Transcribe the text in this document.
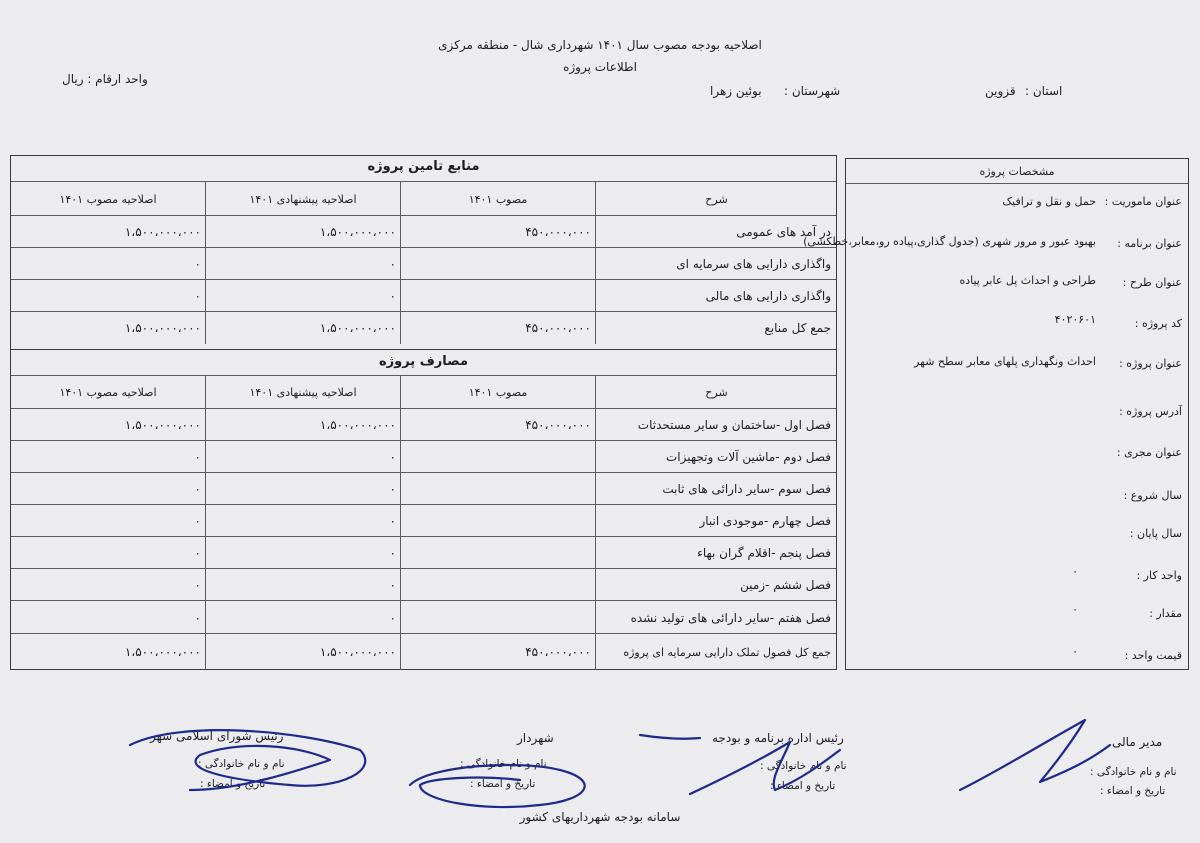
اصلاحیه بودجه مصوب سال ۱۴۰۱ شهرداری شال - منطقه مرکزی
اطلاعات پروژه
واحد ارقام : ریال
استان :
قزوین
شهرستان :
بوئین زهرا
منابع تامین پروژه
شرح
مصوب ۱۴۰۱
اصلاحیه پیشنهادی ۱۴۰۱
اصلاحیه مصوب ۱۴۰۱
در آمد های عمومی
۴۵۰،۰۰۰،۰۰۰
۱،۵۰۰،۰۰۰،۰۰۰
۱،۵۰۰،۰۰۰،۰۰۰
واگذاری دارایی های سرمایه ای
٠
٠
واگذاری دارایی های مالی
٠
٠
جمع کل منابع
۴۵۰،۰۰۰،۰۰۰
۱،۵۰۰،۰۰۰،۰۰۰
۱،۵۰۰،۰۰۰،۰۰۰
مصارف پروژه
شرح
مصوب ۱۴۰۱
اصلاحیه پیشنهادی ۱۴۰۱
اصلاحیه مصوب ۱۴۰۱
فصل اول -ساختمان و سایر مستحدثات
۴۵۰،۰۰۰،۰۰۰
۱،۵۰۰،۰۰۰،۰۰۰
۱،۵۰۰،۰۰۰،۰۰۰
فصل دوم -ماشین آلات وتجهیزات
٠
٠
فصل سوم -سایر دارائی های ثابت
٠
٠
فصل چهارم -موجودی انبار
٠
٠
فصل پنجم -اقلام گران بهاء
٠
٠
فصل ششم -زمین
٠
٠
فصل هفتم -سایر دارائی های تولید نشده
٠
٠
جمع کل فصول تملک دارایی سرمایه ای پروژه
۴۵۰،۰۰۰،۰۰۰
۱،۵۰۰،۰۰۰،۰۰۰
۱،۵۰۰،۰۰۰،۰۰۰
مشخصات پروژه
عنوان ماموریت :
حمل و نقل و ترافیک
عنوان برنامه :
بهبود عبور و مرور شهری (جدول گذاری،پیاده رو،معابر،خطکشی)
عنوان طرح :
طراحی و احداث پل عابر پیاده
کد پروژه :
۴۰۲۰۶۰۱
عنوان پروژه :
احداث ونگهداری پلهای معابر سطح شهر
آدرس پروژه :
عنوان مجری :
سال شروع :
سال پایان :
واحد کار :
٠
مقدار :
٠
قیمت واحد :
٠
مدیر مالی
نام و نام خانوادگی :
تاریخ و امضاء :
رئیس اداره برنامه و بودجه
نام و نام خانوادگی :
تاریخ و امضاء :
شهردار
نام و نام خانوادگی :
تاریخ و امضاء :
رئیس شورای اسلامی شهر
نام و نام خانوادگی :
تاریخ و امضاء :
سامانه بودجه شهرداریهای کشور
